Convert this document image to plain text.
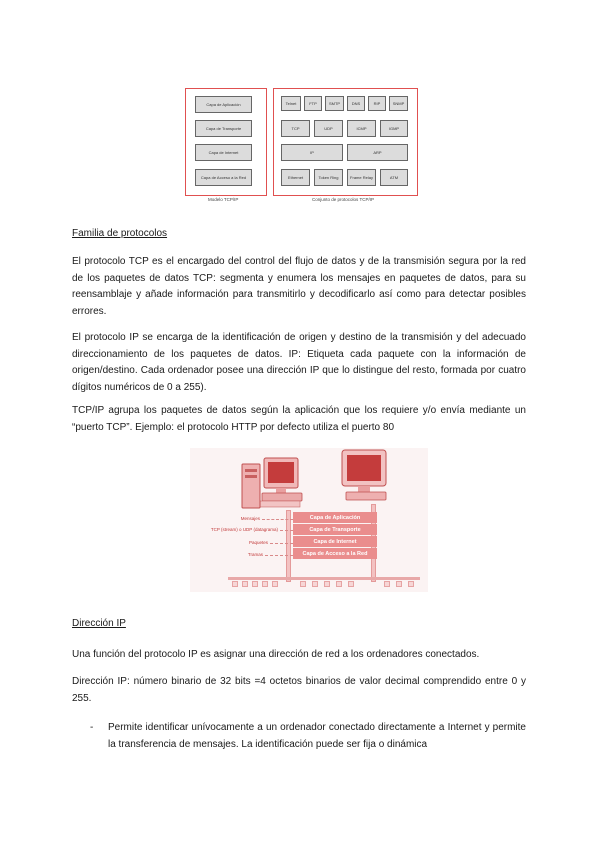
Capa de Aplicación
Capa de Transporte
Capa de Internet
Capa de Acceso a la Red
Modelo TCP/IP
Telnet	FTP	SMTP	DNS	RIP	SNMP
TCP	UDP	ICMP	IGMP
IP	ARP
Ethernet	Token Ring	Frame Relay	ATM
Conjunto de protocolos TCP/IP
Familia de protocolos
El protocolo TCP es el encargado del control del flujo de datos y de la transmisión segura por la red de los paquetes de datos TCP: segmenta y enumera los mensajes en paquetes de datos, para su reensamblaje y añade información para transmitirlo y decodificarlo así como para detectar posibles errores.
El protocolo IP se encarga de la identificación de origen y destino de la transmisión y del adecuado direccionamiento de los paquetes de datos. IP: Etiqueta cada paquete con la información de origen/destino. Cada ordenador posee una dirección IP que lo distingue del resto, formada por cuatro dígitos numéricos de 0 a 255).
TCP/IP agrupa los paquetes de datos según la aplicación que los requiere y/o envía mediante un “puerto TCP”. Ejemplo: el protocolo HTTP por defecto utiliza el puerto 80
Capa de Aplicación
Capa de Transporte
Capa de Internet
Capa de Acceso a la Red
Mensajes
TCP (stream) o UDP (datagrama)
Paquetes
Tramas
Dirección IP
Una función del protocolo IP es asignar una dirección de red a los ordenadores conectados.
Dirección IP: número binario de 32 bits =4 octetos binarios de valor decimal comprendido entre 0 y 255.
- Permite identificar unívocamente a un ordenador conectado directamente a Internet y permite la transferencia de mensajes. La identificación puede ser fija o dinámica
